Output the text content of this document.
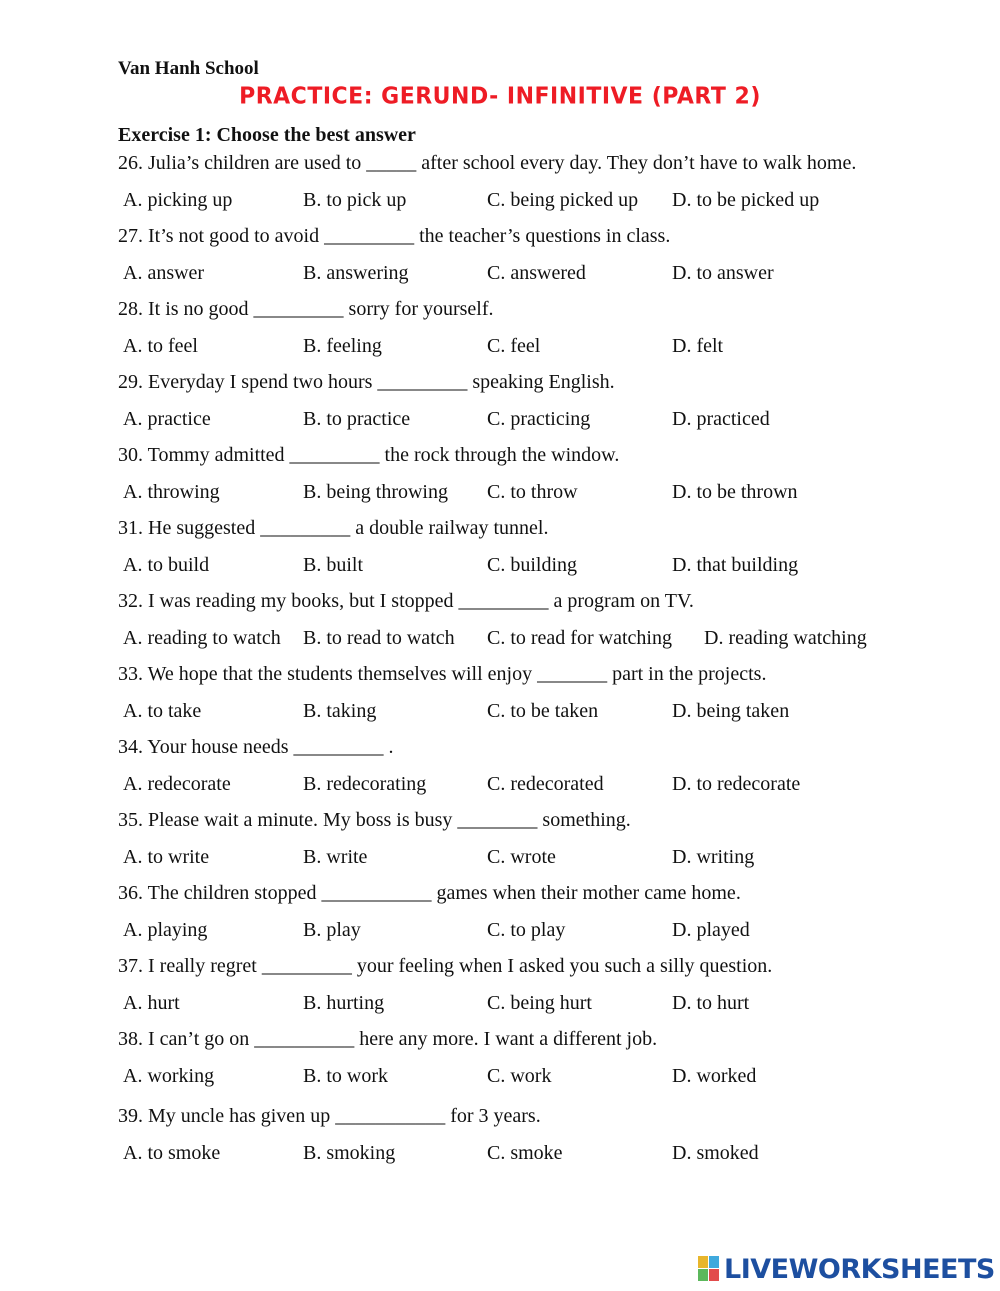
Van Hanh School
PRACTICE: GERUND- INFINITIVE (PART 2)
Exercise 1: Choose the best answer
26. Julia’s children are used to _____ after school every day. They don’t have to walk home.
A. picking up	B. to pick up	C. being picked up D. to be picked up
27. It’s not good to avoid _________ the teacher’s questions in class.
A. answer	B. answering	C. answered	D. to answer
28. It is no good _________ sorry for yourself.
A. to feel	B. feeling	C. feel	D. felt
29. Everyday I spend two hours _________ speaking English.
A. practice	B. to practice	C. practicing	D. practiced
30. Tommy admitted _________ the rock through the window.
A. throwing	B. being throwing C. to throw	D. to be thrown
31. He suggested _________ a double railway tunnel.
A. to build	B. built	C. building	D. that building
32. I was reading my books, but I stopped _________ a program on TV.
A. reading to watch B. to read to watch C. to read for watching D. reading watching
33. We hope that the students themselves will enjoy _______ part in the projects.
A. to take	B. taking	C. to be taken	D. being taken
34. Your house needs _________ .
A. redecorate	B. redecorating	C. redecorated	D. to redecorate
35. Please wait a minute. My boss is busy ________ something.
A. to write	B. write	C. wrote	D. writing
36. The children stopped ___________ games when their mother came home.
A. playing	B. play	C. to play	D. played
37. I really regret _________ your feeling when I asked you such a silly question.
A. hurt	B. hurting	C. being hurt	D. to hurt
38. I can’t go on __________ here any more. I want a different job.
A. working	B. to work	C. work	D. worked
39. My uncle has given up ___________ for 3 years.
A. to smoke	B. smoking	C. smoke	D. smoked
LIVEWORKSHEETS
